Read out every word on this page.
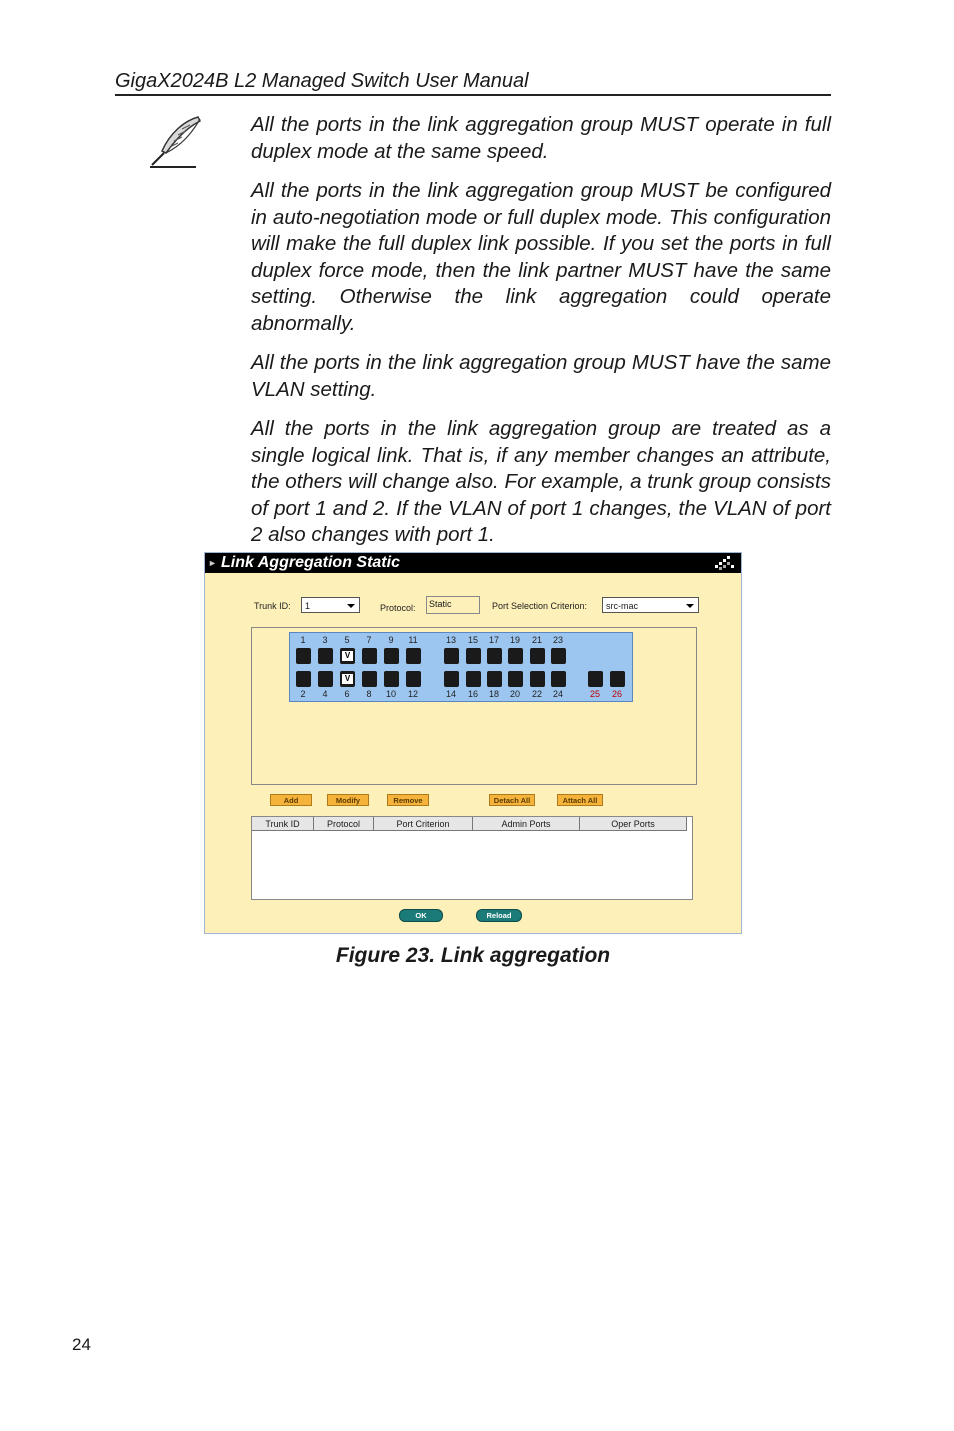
GigaX2024B L2 Managed Switch User Manual

All the ports in the link aggregation group MUST operate in full duplex mode at the same speed.

All the ports in the link aggregation group MUST be configured in auto-negotiation mode or full duplex mode. This configuration will make the full duplex link possible. If you set the ports in full duplex force mode, then the link partner MUST have the same setting. Otherwise the link aggregation could operate abnormally.

All the ports in the link aggregation group MUST have the same VLAN setting.

All the ports in the link aggregation group are treated as a single logical link. That is, if any member changes an attribute, the others will change also. For example, a trunk group consists of port 1 and 2. If the VLAN of port 1 changes, the VLAN of port 2 also changes with port 1.

► Link Aggregation Static
Trunk ID:	1	Protocol:	Static	Port Selection Criterion:	src-mac
1	3	5	7	9	11	13	15	17	19	21	23
V
V
2	4	6	8	10	12	14	16	18	20	22	24	25	26
Add	Modify	Remove	Detach All	Attach All
Trunk ID	Protocol	Port Criterion	Admin Ports	Oper Ports
OK	Reload
Figure 23. Link aggregation
24
